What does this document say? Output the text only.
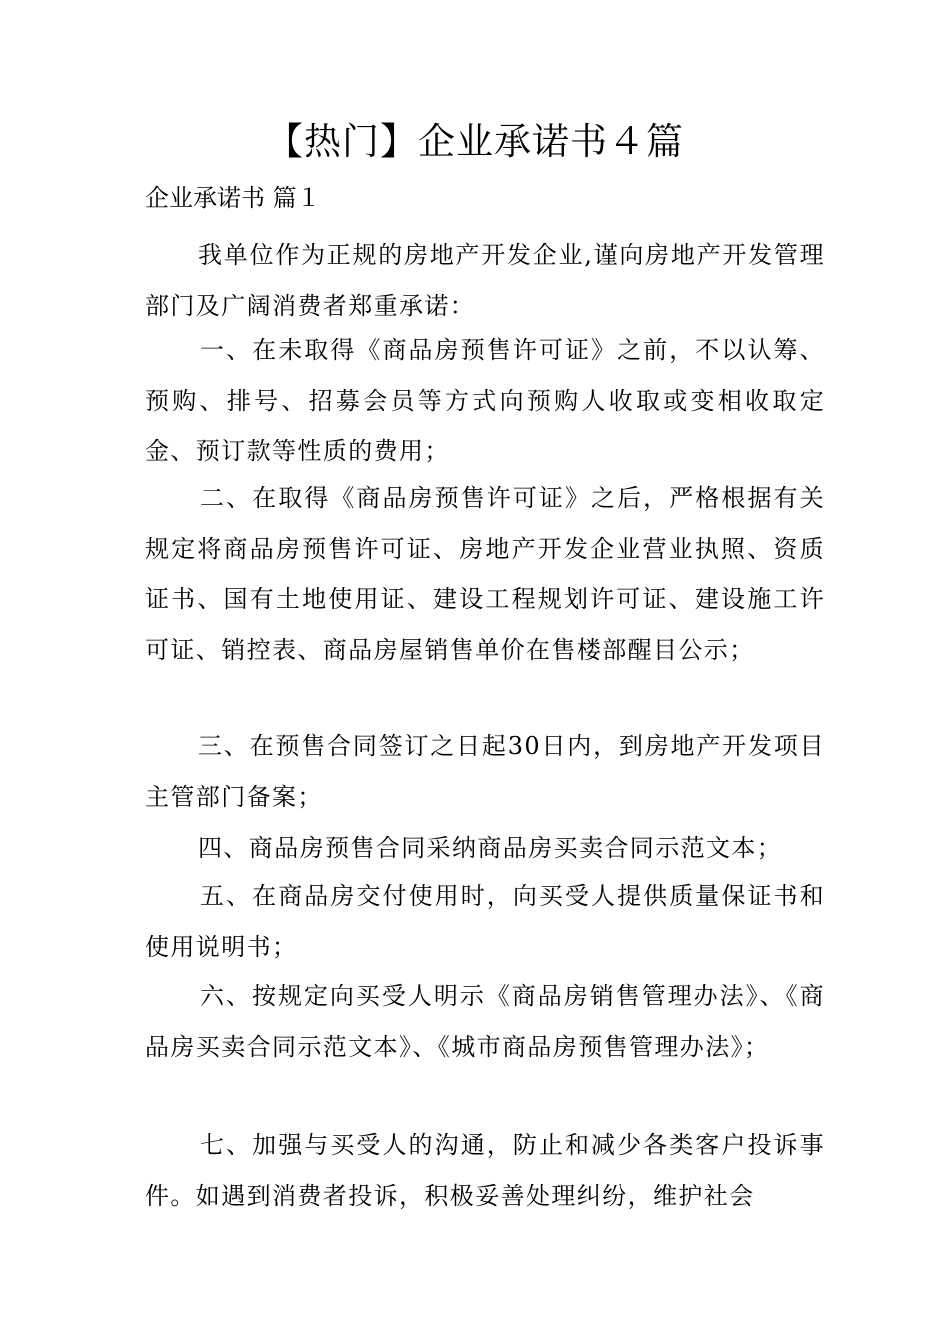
【热门】企业承诺书４篇
企业承诺书 篇１
我单位作为正规的房地产开发企业,谨向房地产开发管理部门及广阔消费者郑重承诺：
一、在未取得《商品房预售许可证》之前，不以认筹、预购、排号、招募会员等方式向预购人收取或变相收取定金、预订款等性质的费用；
二、在取得《商品房预售许可证》之后，严格根据有关规定将商品房预售许可证、房地产开发企业营业执照、资质证书、国有土地使用证、建设工程规划许可证、建设施工许可证、销控表、商品房屋销售单价在售楼部醒目公示；
三、在预售合同签订之日起30日内，到房地产开发项目主管部门备案；
四、商品房预售合同采纳商品房买卖合同示范文本；
五、在商品房交付使用时，向买受人提供质量保证书和使用说明书；
六、按规定向买受人明示《商品房销售管理办法》、《商品房买卖合同示范文本》、《城市商品房预售管理办法》；
七、加强与买受人的沟通，防止和减少各类客户投诉事件。如遇到消费者投诉，积极妥善处理纠纷，维护社会
